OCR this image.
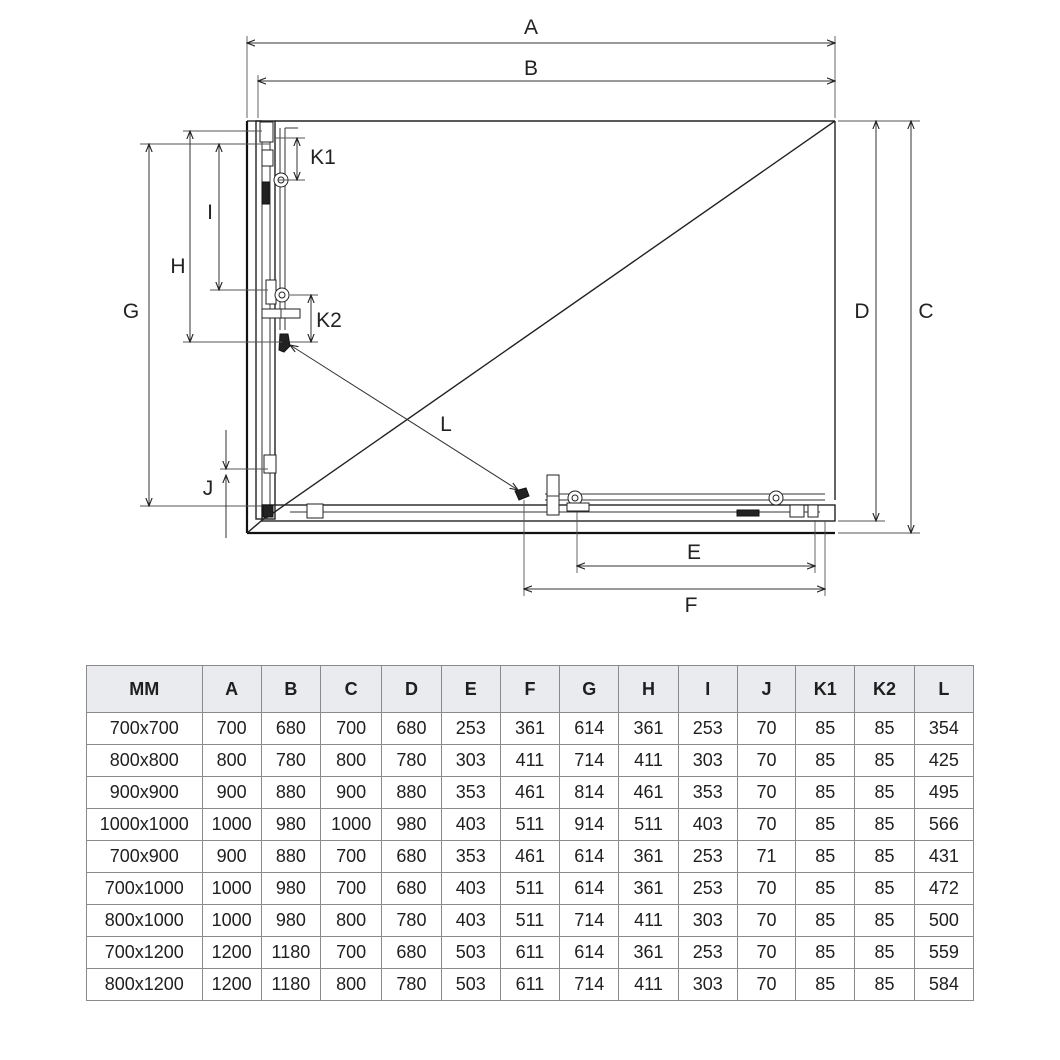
A
B
D C
G
H
I
K1
K2
J
L
E
F
MM	A	B	C	D	E	F	G	H	I	J	K1	K2	L
700x700	700	680	700	680	253	361	614	361	253	70	85	85	354
800x800	800	780	800	780	303	411	714	411	303	70	85	85	425
900x900	900	880	900	880	353	461	814	461	353	70	85	85	495
1000x1000	1000	980	1000	980	403	511	914	511	403	70	85	85	566
700x900	900	880	700	680	353	461	614	361	253	71	85	85	431
700x1000	1000	980	700	680	403	511	614	361	253	70	85	85	472
800x1000	1000	980	800	780	403	511	714	411	303	70	85	85	500
700x1200	1200	1180	700	680	503	611	614	361	253	70	85	85	559
800x1200	1200	1180	800	780	503	611	714	411	303	70	85	85	584
